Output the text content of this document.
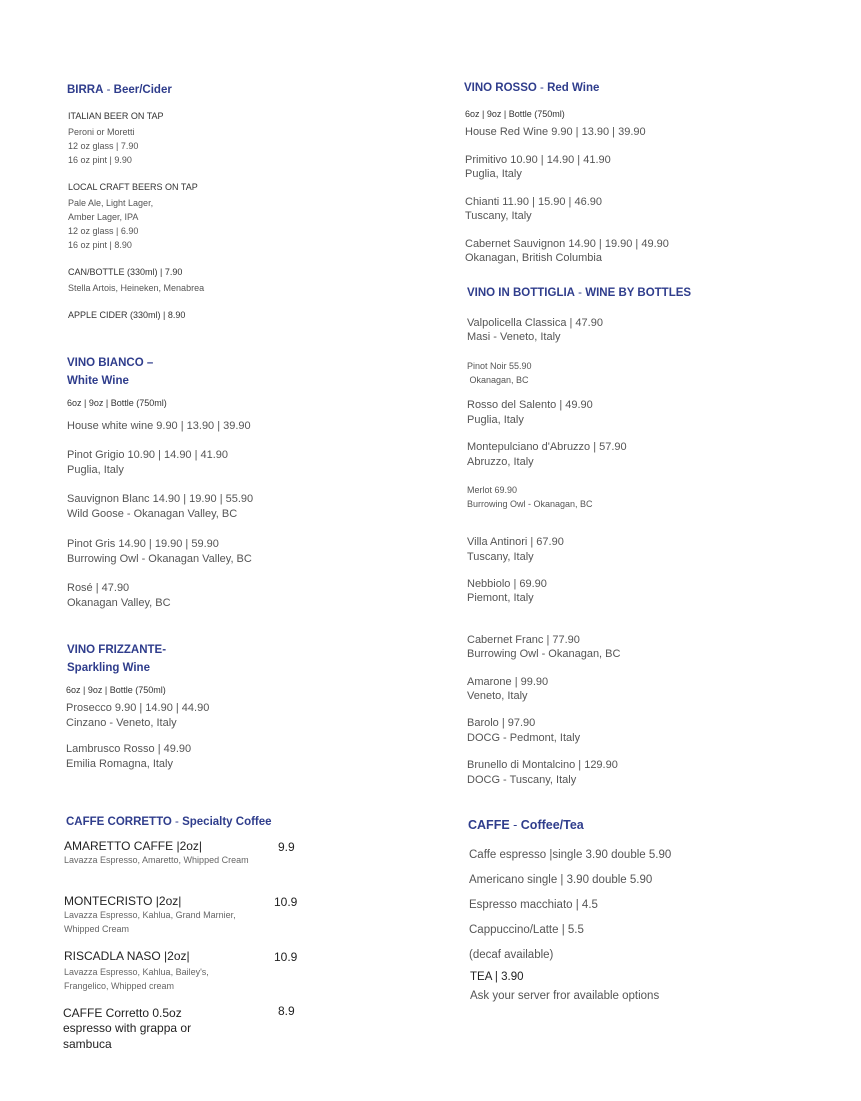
BIRRA - Beer/Cider
ITALIAN BEER ON TAP
Peroni or Moretti
12 oz glass | 7.90
16 oz pint | 9.90
LOCAL CRAFT BEERS ON TAP
Pale Ale, Light Lager,
Amber Lager, IPA
12 oz glass | 6.90
16 oz pint | 8.90
CAN/BOTTLE (330ml) | 7.90
Stella Artois, Heineken, Menabrea
APPLE CIDER (330ml) | 8.90
VINO BIANCO –
White Wine
6oz | 9oz | Bottle (750ml)
House white wine 9.90 | 13.90 | 39.90
Pinot Grigio 10.90 | 14.90 | 41.90
Puglia, Italy
Sauvignon Blanc 14.90 | 19.90 | 55.90
Wild Goose - Okanagan Valley, BC
Pinot Gris 14.90 | 19.90 | 59.90
Burrowing Owl - Okanagan Valley, BC
Rosé | 47.90
Okanagan Valley, BC
VINO FRIZZANTE-
Sparkling Wine
6oz | 9oz | Bottle (750ml)
Prosecco 9.90 | 14.90 | 44.90
Cinzano - Veneto, Italy
Lambrusco Rosso | 49.90
Emilia Romagna, Italy
CAFFE CORRETTO - Specialty Coffee
AMARETTO CAFFE |2oz|	9.9
Lavazza Espresso, Amaretto, Whipped Cream
MONTECRISTO |2oz|	10.9
Lavazza Espresso, Kahlua, Grand Marnier, Whipped Cream
RISCADLA NASO |2oz|	10.9
Lavazza Espresso, Kahlua, Bailey's, Frangelico, Whipped cream
CAFFE Corretto 0.5oz
espresso with grappa or
sambuca
8.9
VINO ROSSO - Red Wine
6oz | 9oz | Bottle (750ml)
House Red Wine 9.90 | 13.90 | 39.90
Primitivo 10.90 | 14.90 | 41.90
Puglia, Italy
Chianti 11.90 | 15.90 | 46.90
Tuscany, Italy
Cabernet Sauvignon 14.90 | 19.90 | 49.90
Okanagan, British Columbia
VINO IN BOTTIGLIA - WINE BY BOTTLES
Valpolicella Classica | 47.90
Masi - Veneto, Italy
Pinot Noir 55.90
Okanagan, BC
Rosso del Salento | 49.90
Puglia, Italy
Montepulciano d'Abruzzo | 57.90
Abruzzo, Italy
Merlot 69.90
Burrowing Owl - Okanagan, BC
Villa Antinori | 67.90
Tuscany, Italy
Nebbiolo | 69.90
Piemont, Italy
Cabernet Franc | 77.90
Burrowing Owl - Okanagan, BC
Amarone | 99.90
Veneto, Italy
Barolo | 97.90
DOCG - Pedmont, Italy
Brunello di Montalcino | 129.90
DOCG - Tuscany, Italy
CAFFE - Coffee/Tea
Caffe espresso |single 3.90 double 5.90
Americano single | 3.90 double 5.90
Espresso macchiato | 4.5
Cappuccino/Latte | 5.5
(decaf available)
TEA | 3.90
Ask your server fror available options
